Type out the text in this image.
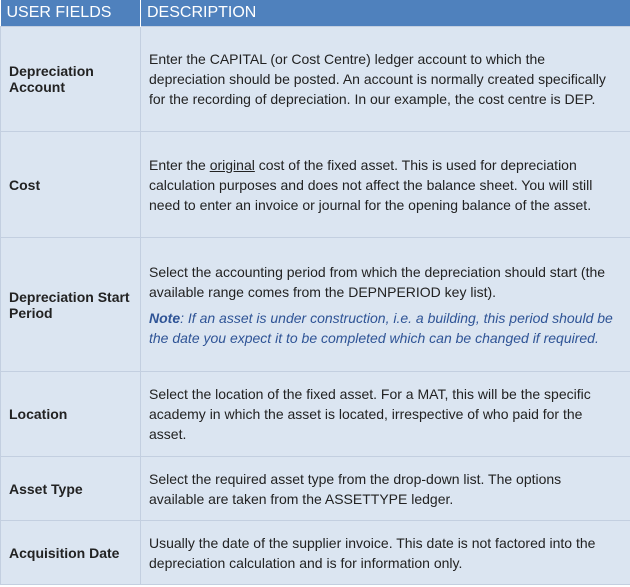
USER FIELDS	DESCRIPTION
Depreciation Account	Enter the CAPITAL (or Cost Centre) ledger account to which the depreciation should be posted. An account is normally created specifically for the recording of depreciation. In our example, the cost centre is DEP.

Cost	Enter the original cost of the fixed asset. This is used for depreciation calculation purposes and does not affect the balance sheet. You will still need to enter an invoice or journal for the opening balance of the asset.

Depreciation Start Period	Select the accounting period from which the depreciation should start (the available range comes from the DEPNPERIOD key list).

Note: If an asset is under construction, i.e. a building, this period should be the date you expect it to be completed which can be changed if required.

Location	Select the location of the fixed asset. For a MAT, this will be the specific academy in which the asset is located, irrespective of who paid for the asset.

Asset Type	Select the required asset type from the drop-down list. The options available are taken from the ASSETTYPE ledger.

Acquisition Date	Usually the date of the supplier invoice. This date is not factored into the depreciation calculation and is for information only.
